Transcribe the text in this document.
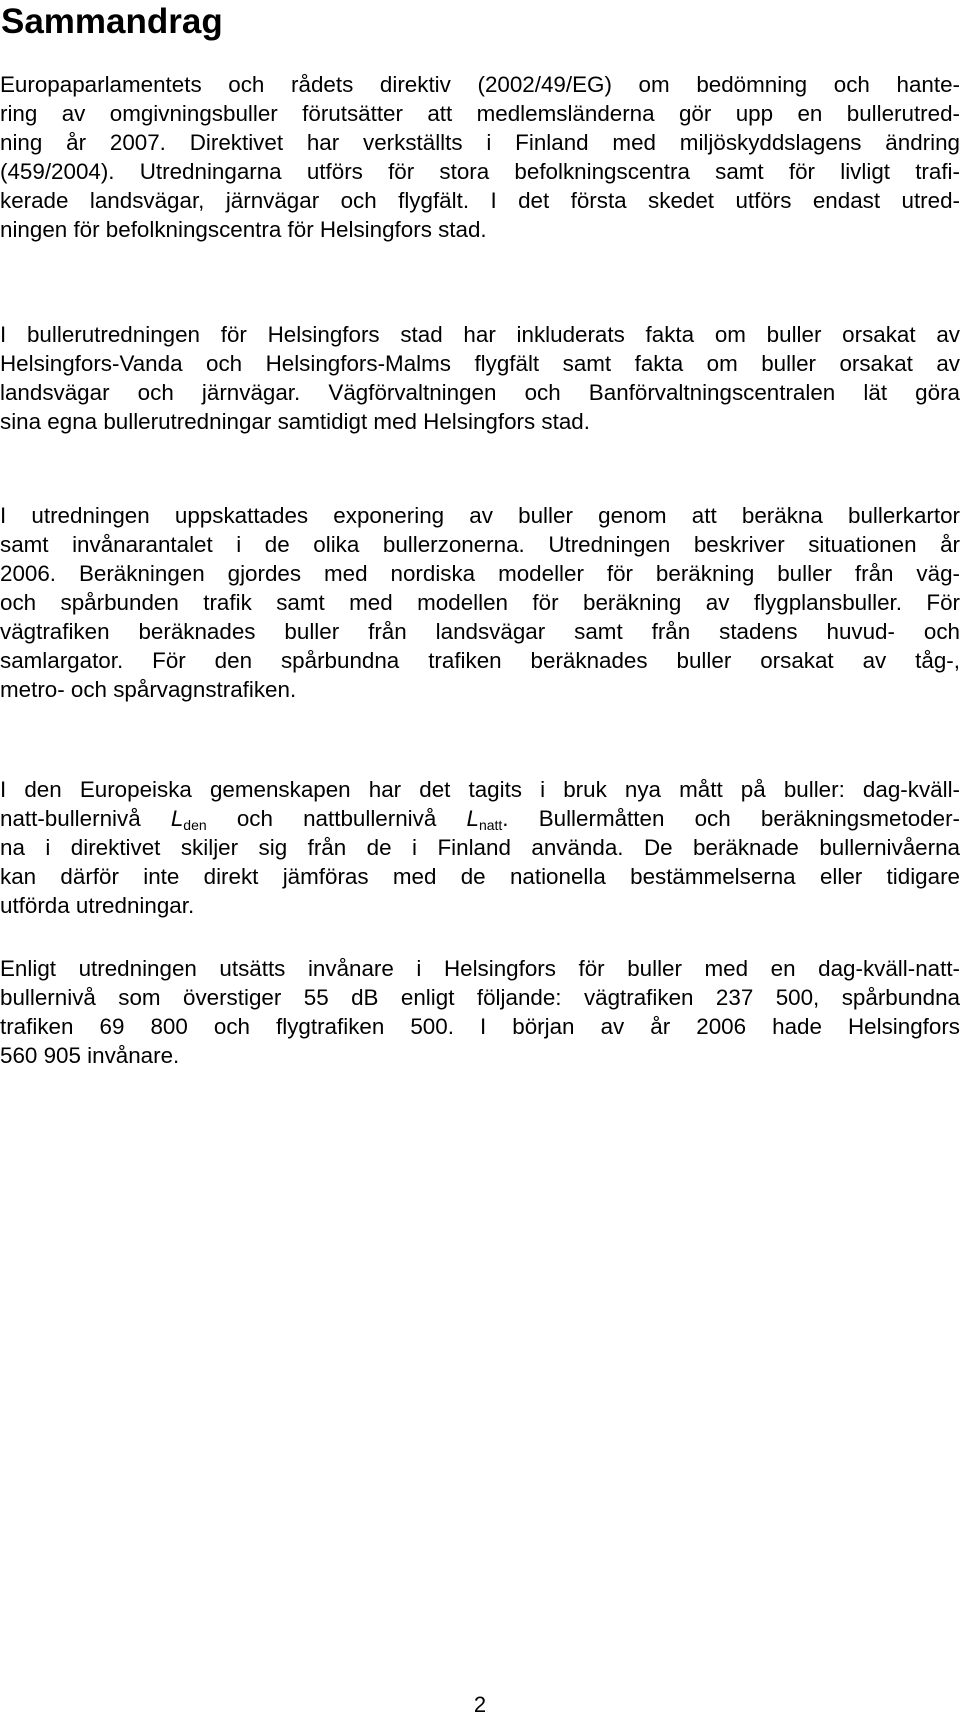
Sammandrag

Europaparlamentets och rådets direktiv (2002/49/EG) om bedömning och hante-
ring av omgivningsbuller förutsätter att medlemsländerna gör upp en bullerutred-
ning år 2007. Direktivet har verkställts i Finland med miljöskyddslagens ändring
(459/2004). Utredningarna utförs för stora befolkningscentra samt för livligt trafi-
kerade landsvägar, järnvägar och flygfält. I det första skedet utförs endast utred-
ningen för befolkningscentra för Helsingfors stad.

I bullerutredningen för Helsingfors stad har inkluderats fakta om buller orsakat av
Helsingfors-Vanda och Helsingfors-Malms flygfält samt fakta om buller orsakat av
landsvägar och järnvägar. Vägförvaltningen och Banförvaltningscentralen lät göra
sina egna bullerutredningar samtidigt med Helsingfors stad.

I utredningen uppskattades exponering av buller genom att beräkna bullerkartor
samt invånarantalet i de olika bullerzonerna. Utredningen beskriver situationen år
2006. Beräkningen gjordes med nordiska modeller för beräkning buller från väg-
och spårbunden trafik samt med modellen för beräkning av flygplansbuller. För
vägtrafiken beräknades buller från landsvägar samt från stadens huvud- och
samlargator. För den spårbundna trafiken beräknades buller orsakat av tåg-,
metro- och spårvagnstrafiken.

I den Europeiska gemenskapen har det tagits i bruk nya mått på buller: dag-kväll-
natt-bullernivå $L_{den}$ och nattbullernivå $L_{natt}$. Bullermåtten och beräkningsmetoder-
na i direktivet skiljer sig från de i Finland använda. De beräknade bullernivåerna
kan därför inte direkt jämföras med de nationella bestämmelserna eller tidigare
utförda utredningar.

Enligt utredningen utsätts invånare i Helsingfors för buller med en dag-kväll-natt-
bullernivå som överstiger 55 dB enligt följande: vägtrafiken 237 500, spårbundna
trafiken 69 800 och flygtrafiken 500. I början av år 2006 hade Helsingfors
560 905 invånare.

2
